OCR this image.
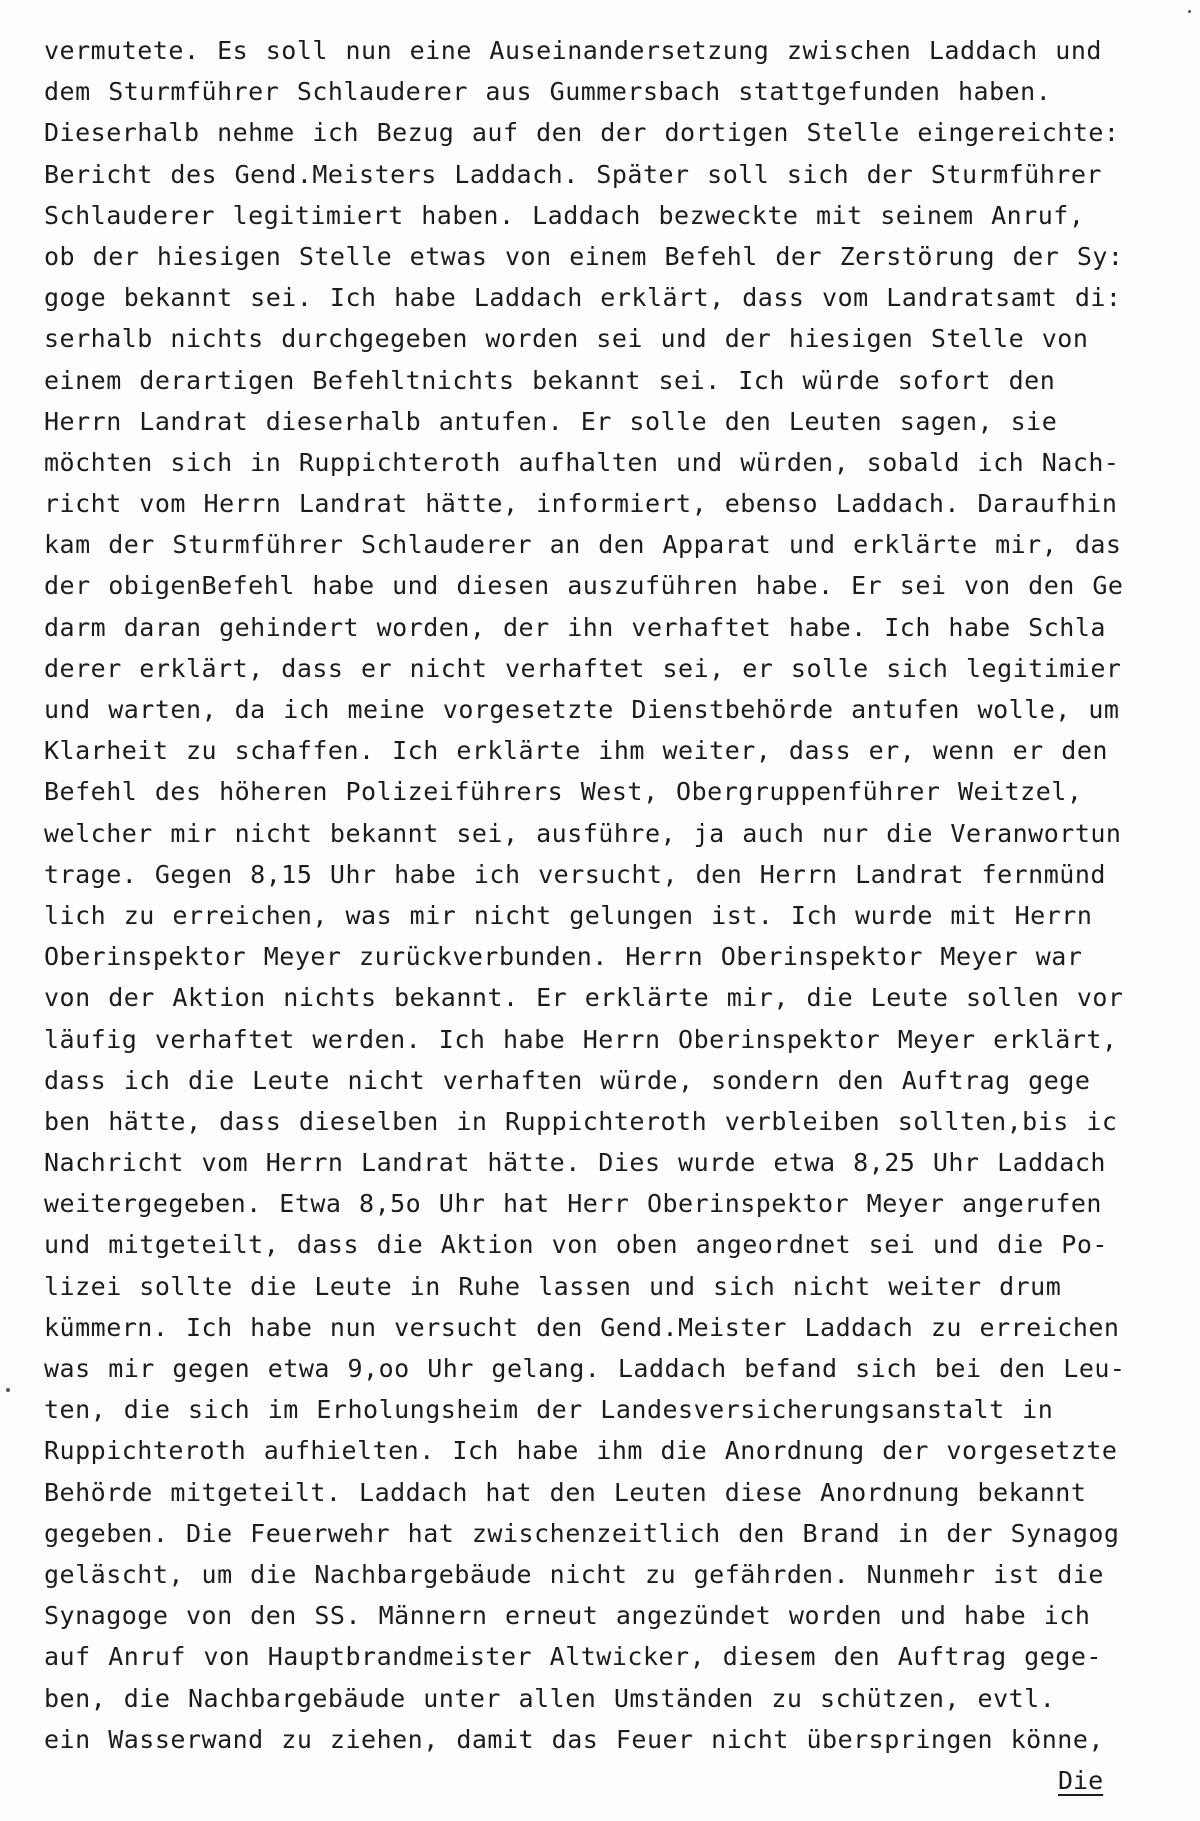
vermutete. Es soll nun eine Auseinandersetzung zwischen Laddach und
dem Sturmführer Schlauderer aus Gummersbach stattgefunden haben.
Dieserhalb nehme ich Bezug auf den der dortigen Stelle eingereichte:
Bericht des Gend.Meisters Laddach. Später soll sich der Sturmführer
Schlauderer legitimiert haben. Laddach bezweckte mit seinem Anruf,
ob der hiesigen Stelle etwas von einem Befehl der Zerstörung der Sy:
goge bekannt sei. Ich habe Laddach erklärt, dass vom Landratsamt di:
serhalb nichts durchgegeben worden sei und der hiesigen Stelle von
einem derartigen Befehltnichts bekannt sei. Ich würde sofort den
Herrn Landrat dieserhalb antufen. Er solle den Leuten sagen, sie
möchten sich in Ruppichteroth aufhalten und würden, sobald ich Nach-
richt vom Herrn Landrat hätte, informiert, ebenso Laddach. Daraufhin
kam der Sturmführer Schlauderer an den Apparat und erklärte mir, das
der obigenBefehl habe und diesen auszuführen habe. Er sei von den Ge
darm daran gehindert worden, der ihn verhaftet habe. Ich habe Schla
derer erklärt, dass er nicht verhaftet sei, er solle sich legitimier
und warten, da ich meine vorgesetzte Dienstbehörde antufen wolle, um
Klarheit zu schaffen. Ich erklärte ihm weiter, dass er, wenn er den
Befehl des höheren Polizeiführers West, Obergruppenführer Weitzel,
welcher mir nicht bekannt sei, ausführe, ja auch nur die Veranwortun
trage. Gegen 8,15 Uhr habe ich versucht, den Herrn Landrat fernmünd
lich zu erreichen, was mir nicht gelungen ist. Ich wurde mit Herrn
Oberinspektor Meyer zurückverbunden. Herrn Oberinspektor Meyer war
von der Aktion nichts bekannt. Er erklärte mir, die Leute sollen vor
läufig verhaftet werden. Ich habe Herrn Oberinspektor Meyer erklärt,
dass ich die Leute nicht verhaften würde, sondern den Auftrag gege
ben hätte, dass dieselben in Ruppichteroth verbleiben sollten,bis ic
Nachricht vom Herrn Landrat hätte. Dies wurde etwa 8,25 Uhr Laddach
weitergegeben. Etwa 8,5o Uhr hat Herr Oberinspektor Meyer angerufen
und mitgeteilt, dass die Aktion von oben angeordnet sei und die Po-
lizei sollte die Leute in Ruhe lassen und sich nicht weiter drum
kümmern. Ich habe nun versucht den Gend.Meister Laddach zu erreichen
was mir gegen etwa 9,oo Uhr gelang. Laddach befand sich bei den Leu-
ten, die sich im Erholungsheim der Landesversicherungsanstalt in
Ruppichteroth aufhielten. Ich habe ihm die Anordnung der vorgesetzte
Behörde mitgeteilt. Laddach hat den Leuten diese Anordnung bekannt
gegeben. Die Feuerwehr hat zwischenzeitlich den Brand in der Synagog
geläscht, um die Nachbargebäude nicht zu gefährden. Nunmehr ist die
Synagoge von den SS. Männern erneut angezündet worden und habe ich
auf Anruf von Hauptbrandmeister Altwicker, diesem den Auftrag gege-
ben, die Nachbargebäude unter allen Umständen zu schützen, evtl.
ein Wasserwand zu ziehen, damit das Feuer nicht überspringen könne,
Die
